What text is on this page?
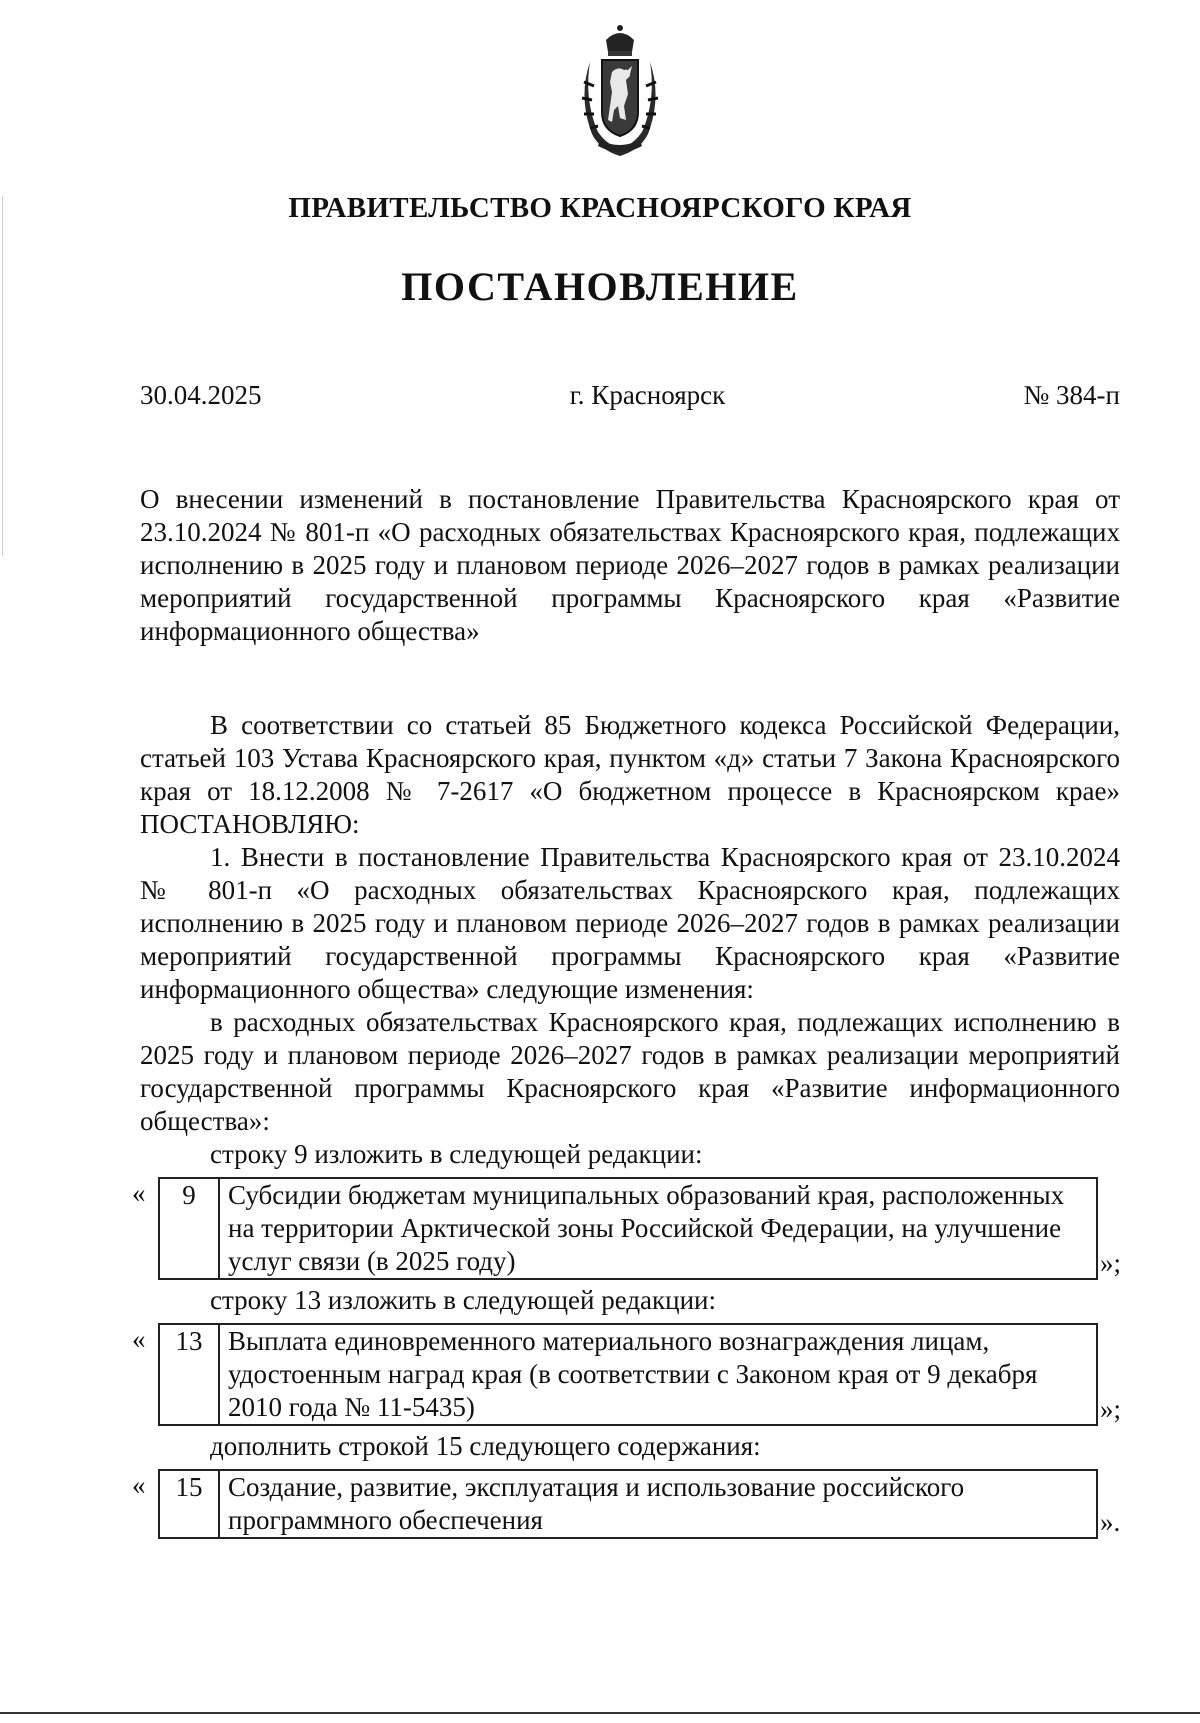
ПРАВИТЕЛЬСТВО КРАСНОЯРСКОГО КРАЯ
ПОСТАНОВЛЕНИЕ
30.04.2025	г. Красноярск	№ 384-п

О внесении изменений в постановление Правительства Красноярского края от 23.10.2024 № 801-п «О расходных обязательствах Красноярского края, подлежащих исполнению в 2025 году и плановом периоде 2026–2027 годов в рамках реализации мероприятий государственной программы Красноярского края «Развитие информационного общества»

В соответствии со статьей 85 Бюджетного кодекса Российской Федерации, статьей 103 Устава Красноярского края, пунктом «д» статьи 7 Закона Красноярского края от 18.12.2008 № 7-2617 «О бюджетном процессе в Красноярском крае» ПОСТАНОВЛЯЮ:

1. Внести в постановление Правительства Красноярского края от 23.10.2024 № 801-п «О расходных обязательствах Красноярского края, подлежащих исполнению в 2025 году и плановом периоде 2026–2027 годов в рамках реализации мероприятий государственной программы Красноярского края «Развитие информационного общества» следующие изменения:

в расходных обязательствах Красноярского края, подлежащих исполнению в 2025 году и плановом периоде 2026–2027 годов в рамках реализации мероприятий государственной программы Красноярского края «Развитие информационного общества»:

строку 9 изложить в следующей редакции:

«	9	Субсидии бюджетам муниципальных образований края, расположенных на территории Арктической зоны Российской Федерации, на улучшение услуг связи (в 2025 году)	»;

строку 13 изложить в следующей редакции:

«	13	Выплата единовременного материального вознаграждения лицам, удостоенным наград края (в соответствии с Законом края от 9 декабря 2010 года № 11-5435)	»;

дополнить строкой 15 следующего содержания:

«	15	Создание, развитие, эксплуатация и использование российского программного обеспечения	».
